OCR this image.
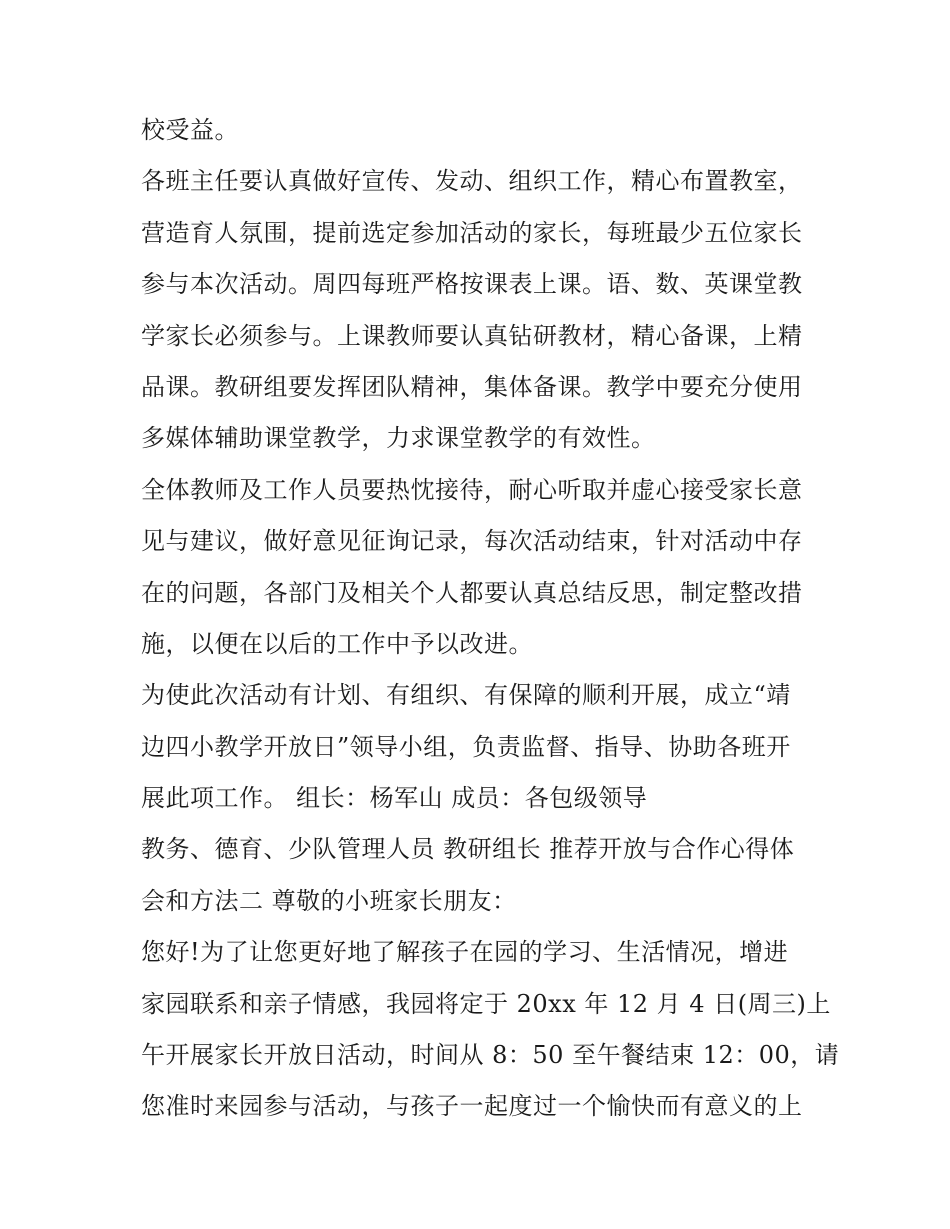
校受益。
各班主任要认真做好宣传、发动、组织工作，精心布置教室，
营造育人氛围，提前选定参加活动的家长，每班最少五位家长
参与本次活动。周四每班严格按课表上课。语、数、英课堂教
学家长必须参与。上课教师要认真钻研教材，精心备课，上精
品课。教研组要发挥团队精神，集体备课。教学中要充分使用
多媒体辅助课堂教学，力求课堂教学的有效性。
全体教师及工作人员要热忱接待，耐心听取并虚心接受家长意
见与建议，做好意见征询记录，每次活动结束，针对活动中存
在的问题，各部门及相关个人都要认真总结反思，制定整改措
施，以便在以后的工作中予以改进。
为使此次活动有计划、有组织、有保障的顺利开展，成立“靖
边四小教学开放日”领导小组，负责监督、指导、协助各班开
展此项工作。 组长：杨军山 成员：各包级领导
教务、德育、少队管理人员 教研组长 推荐开放与合作心得体
会和方法二 尊敬的小班家长朋友：
您好!为了让您更好地了解孩子在园的学习、生活情况，增进
家园联系和亲子情感，我园将定于 20xx 年 12 月 4 日(周三)上
午开展家长开放日活动，时间从 8：50 至午餐结束 12：00，请
您准时来园参与活动，与孩子一起度过一个愉快而有意义的上
